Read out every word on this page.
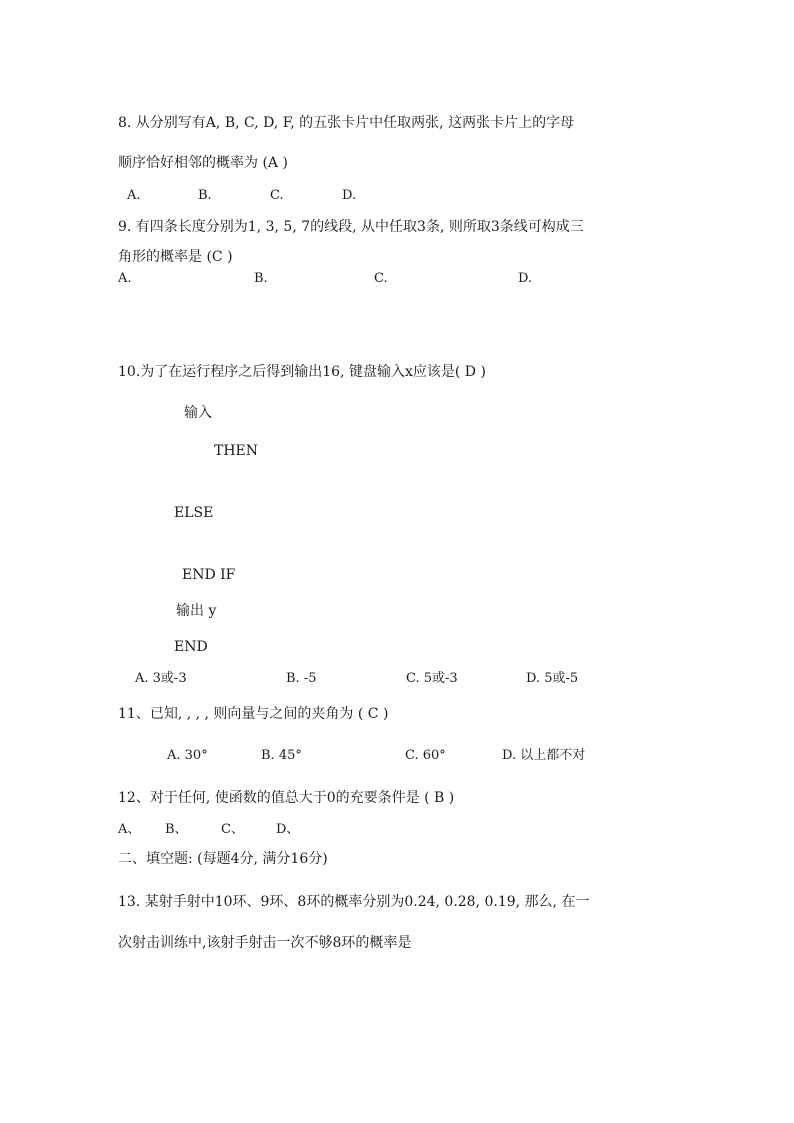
8. 从分别写有A, B, C, D, F, 的五张卡片中任取两张, 这两张卡片上的字母
顺序恰好相邻的概率为 (A )
A.	B.	C.	D.
9. 有四条长度分别为1, 3, 5, 7的线段, 从中任取3条, 则所取3条线可构成三
角形的概率是 (C )
A.	B.	C.	D.
10.为了在运行程序之后得到输出16, 键盘输入x应该是( D )
输入
THEN
ELSE
END IF
输出 y
END
A. 3或-3	B. -5	C. 5或-3	D. 5或-5
11、已知, , , , 则向量与之间的夹角为 ( C )
A. 30°	B. 45°	C. 60°	D. 以上都不对
12、对于任何, 使函数的值总大于0的充要条件是 ( B )
A、 B、	C、 D、
二、填空题: (每题4分, 满分16分)
13. 某射手射中10环、9环、8环的概率分别为0.24, 0.28, 0.19, 那么, 在一
次射击训练中,该射手射击一次不够8环的概率是
